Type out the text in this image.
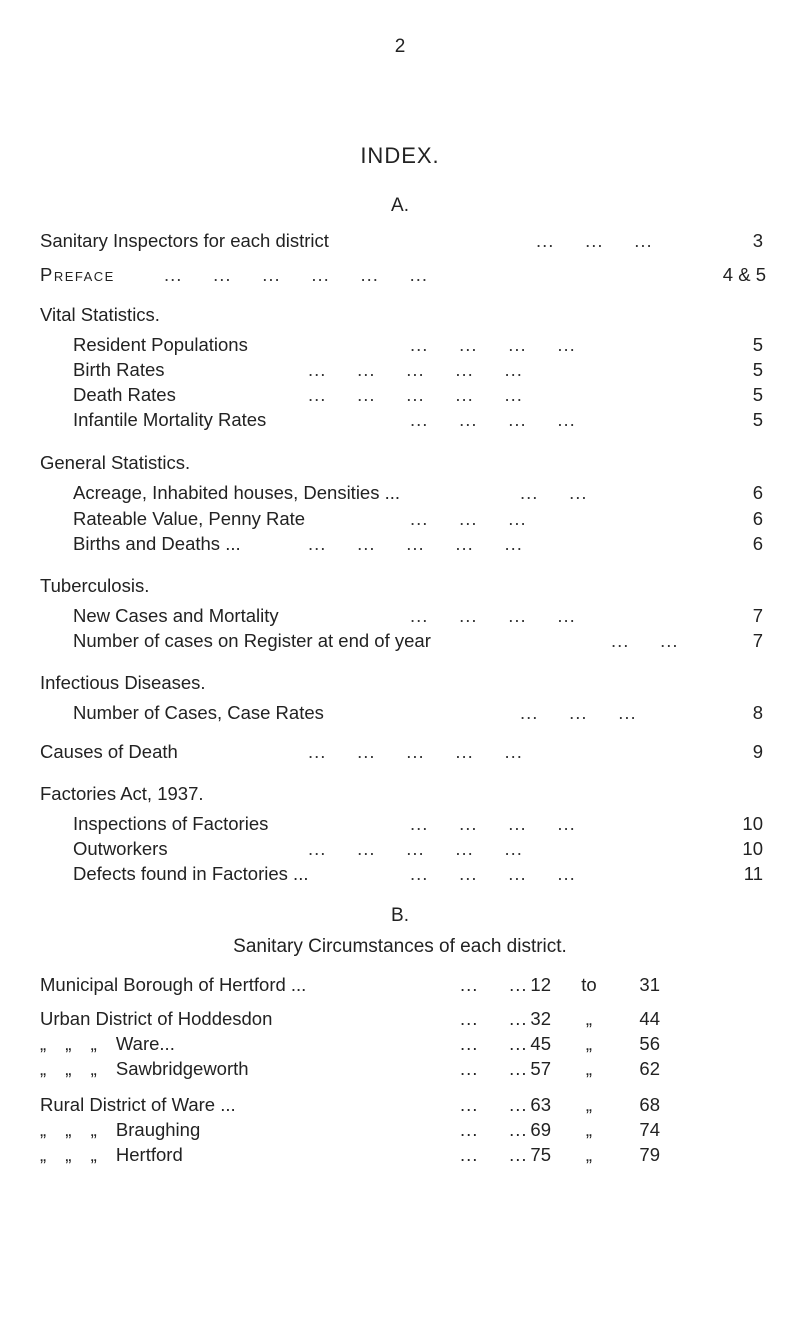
2
INDEX.
A.
Sanitary Inspectors for each district	...     ...     ...	3
Preface	...     ...     ...     ...     ...     ...	4 & 5
Vital Statistics.
Resident Populations	...     ...     ...     ...	5
Birth Rates	...     ...     ...     ...     ...	5
Death Rates	...     ...     ...     ...     ...	5
Infantile Mortality Rates	...     ...     ...     ...	5
General Statistics.
Acreage, Inhabited houses, Densities ...	...     ...	6
Rateable Value, Penny Rate	...     ...     ...	6
Births and Deaths ...	...     ...     ...     ...     ...	6
Tuberculosis.
New Cases and Mortality	...     ...     ...     ...	7
Number of cases on Register at end of year	...     ...	7
Infectious Diseases.
Number of Cases, Case Rates	...     ...     ...	8
Causes of Death	...     ...     ...     ...     ...	9
Factories Act, 1937.
Inspections of Factories	...     ...     ...     ...	10
Outworkers	...     ...     ...     ...     ...	10
Defects found in Factories ...	...     ...     ...     ...	11
B.
Sanitary Circumstances of each district.
Municipal Borough of Hertford ...	...     ... 12	to	31
Urban District of Hoddesdon	...     ... 32	„	44
„ „ „ Ware...	...     ... 45	„	56
„ „ „ Sawbridgeworth	...     ... 57	„	62
Rural District of Ware ...	...     ... 63	„	68
„ „ „ Braughing	...     ... 69	„	74
„ „ „ Hertford	...     ... 75	„	79
